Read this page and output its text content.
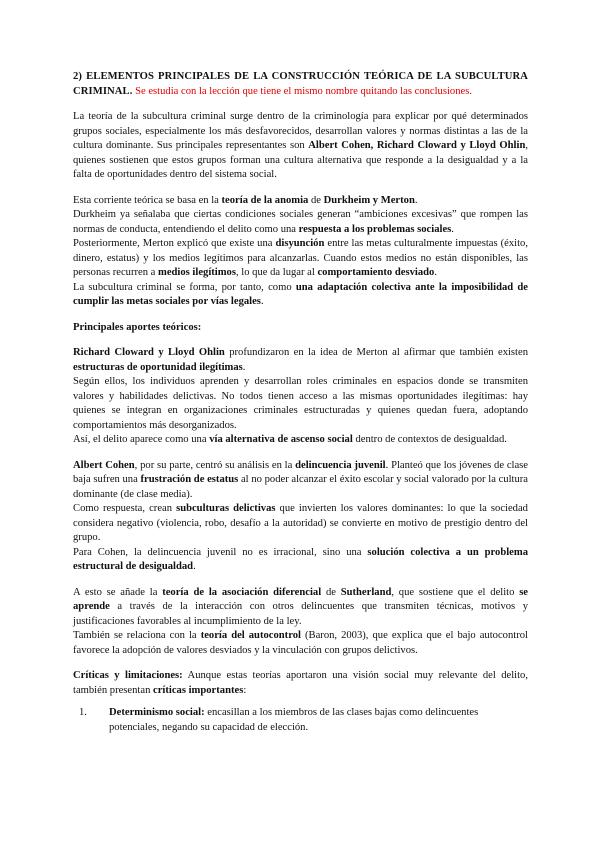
2) ELEMENTOS PRINCIPALES DE LA CONSTRUCCIÓN TEÓRICA DE LA SUBCULTURA CRIMINAL. Se estudia con la lección que tiene el mismo nombre quitando las conclusiones.

La teoría de la subcultura criminal surge dentro de la criminología para explicar por qué determinados grupos sociales, especialmente los más desfavorecidos, desarrollan valores y normas distintas a las de la cultura dominante. Sus principales representantes son Albert Cohen, Richard Cloward y Lloyd Ohlin, quienes sostienen que estos grupos forman una cultura alternativa que responde a la desigualdad y a la falta de oportunidades dentro del sistema social.

Esta corriente teórica se basa en la teoría de la anomia de Durkheim y Merton.

Durkheim ya señalaba que ciertas condiciones sociales generan “ambiciones excesivas” que rompen las normas de conducta, entendiendo el delito como una respuesta a los problemas sociales.

Posteriormente, Merton explicó que existe una disyunción entre las metas culturalmente impuestas (éxito, dinero, estatus) y los medios legítimos para alcanzarlas. Cuando estos medios no están disponibles, las personas recurren a medios ilegítimos, lo que da lugar al comportamiento desviado.

La subcultura criminal se forma, por tanto, como una adaptación colectiva ante la imposibilidad de cumplir las metas sociales por vías legales.

Principales aportes teóricos:

Richard Cloward y Lloyd Ohlin profundizaron en la idea de Merton al afirmar que también existen estructuras de oportunidad ilegítimas.

Según ellos, los individuos aprenden y desarrollan roles criminales en espacios donde se transmiten valores y habilidades delictivas. No todos tienen acceso a las mismas oportunidades ilegítimas: hay quienes se integran en organizaciones criminales estructuradas y quienes quedan fuera, adoptando comportamientos más desorganizados.

Así, el delito aparece como una vía alternativa de ascenso social dentro de contextos de desigualdad.

Albert Cohen, por su parte, centró su análisis en la delincuencia juvenil. Planteó que los jóvenes de clase baja sufren una frustración de estatus al no poder alcanzar el éxito escolar y social valorado por la cultura dominante (de clase media).

Como respuesta, crean subculturas delictivas que invierten los valores dominantes: lo que la sociedad considera negativo (violencia, robo, desafío a la autoridad) se convierte en motivo de prestigio dentro del grupo.

Para Cohen, la delincuencia juvenil no es irracional, sino una solución colectiva a un problema estructural de desigualdad.

A esto se añade la teoría de la asociación diferencial de Sutherland, que sostiene que el delito se aprende a través de la interacción con otros delincuentes que transmiten técnicas, motivos y justificaciones favorables al incumplimiento de la ley.

También se relaciona con la teoría del autocontrol (Baron, 2003), que explica que el bajo autocontrol favorece la adopción de valores desviados y la vinculación con grupos delictivos.

Críticas y limitaciones: Aunque estas teorías aportaron una visión social muy relevante del delito, también presentan críticas importantes:

1.	Determinismo social: encasillan a los miembros de las clases bajas como delincuentes potenciales, negando su capacidad de elección.
